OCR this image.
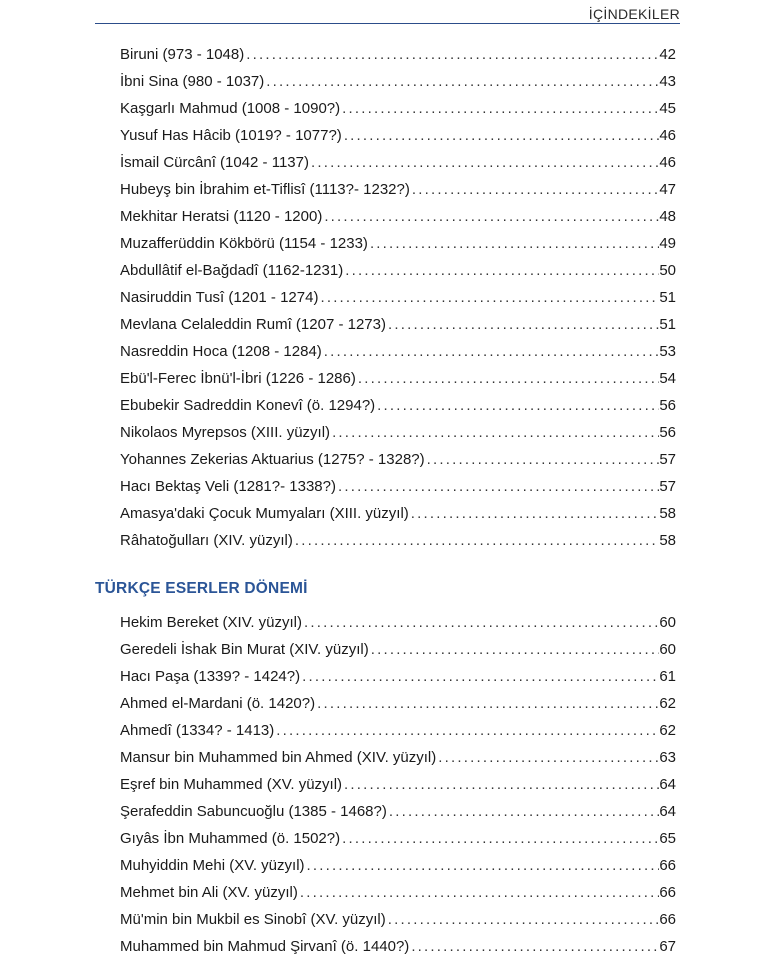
İÇİNDEKİLER
Biruni (973 - 1048) .....	42
İbni Sina (980 - 1037) .....	43
Kaşgarlı Mahmud (1008 - 1090?) .....	45
Yusuf Has Hâcib (1019? - 1077?) .....	46
İsmail Cürcânî (1042 - 1137) .....	46
Hubeyş bin İbrahim et-Tiflisî (1113?- 1232?) .....	47
Mekhitar Heratsi (1120 - 1200) .....	48
Muzafferüddin Kökbörü (1154 - 1233) .....	49
Abdullâtif el-Bağdadî (1162-1231) .....	50
Nasiruddin Tusî (1201 - 1274) .....	51
Mevlana Celaleddin Rumî (1207 - 1273) .....	51
Nasreddin Hoca (1208 - 1284) .....	53
Ebü'l-Ferec İbnü'l-İbri (1226 - 1286) .....	54
Ebubekir Sadreddin Konevî (ö. 1294?) .....	56
Nikolaos Myrepsos (XIII. yüzyıl) .....	56
Yohannes Zekerias Aktuarius (1275? - 1328?) .....	57
Hacı Bektaş Veli (1281?- 1338?) .....	57
Amasya'daki Çocuk Mumyaları (XIII. yüzyıl) .....	58
Râhatoğulları (XIV. yüzyıl) .....	58
TÜRKÇE ESERLER DÖNEMİ
Hekim Bereket (XIV. yüzyıl) .....	60
Geredeli İshak Bin Murat (XIV. yüzyıl) .....	60
Hacı Paşa (1339? - 1424?) .....	61
Ahmed el-Mardani (ö. 1420?) .....	62
Ahmedî (1334? - 1413) .....	62
Mansur bin Muhammed bin Ahmed (XIV. yüzyıl) .....	63
Eşref bin Muhammed (XV. yüzyıl) .....	64
Şerafeddin Sabuncuoğlu (1385 - 1468?) .....	64
Gıyâs İbn Muhammed (ö. 1502?) .....	65
Muhyiddin Mehi (XV. yüzyıl) .....	66
Mehmet bin Ali (XV. yüzyıl) .....	66
Mü'min bin Mukbil es Sinobî (XV. yüzyıl) .....	66
Muhammed bin Mahmud Şirvanî (ö. 1440?) .....	67
